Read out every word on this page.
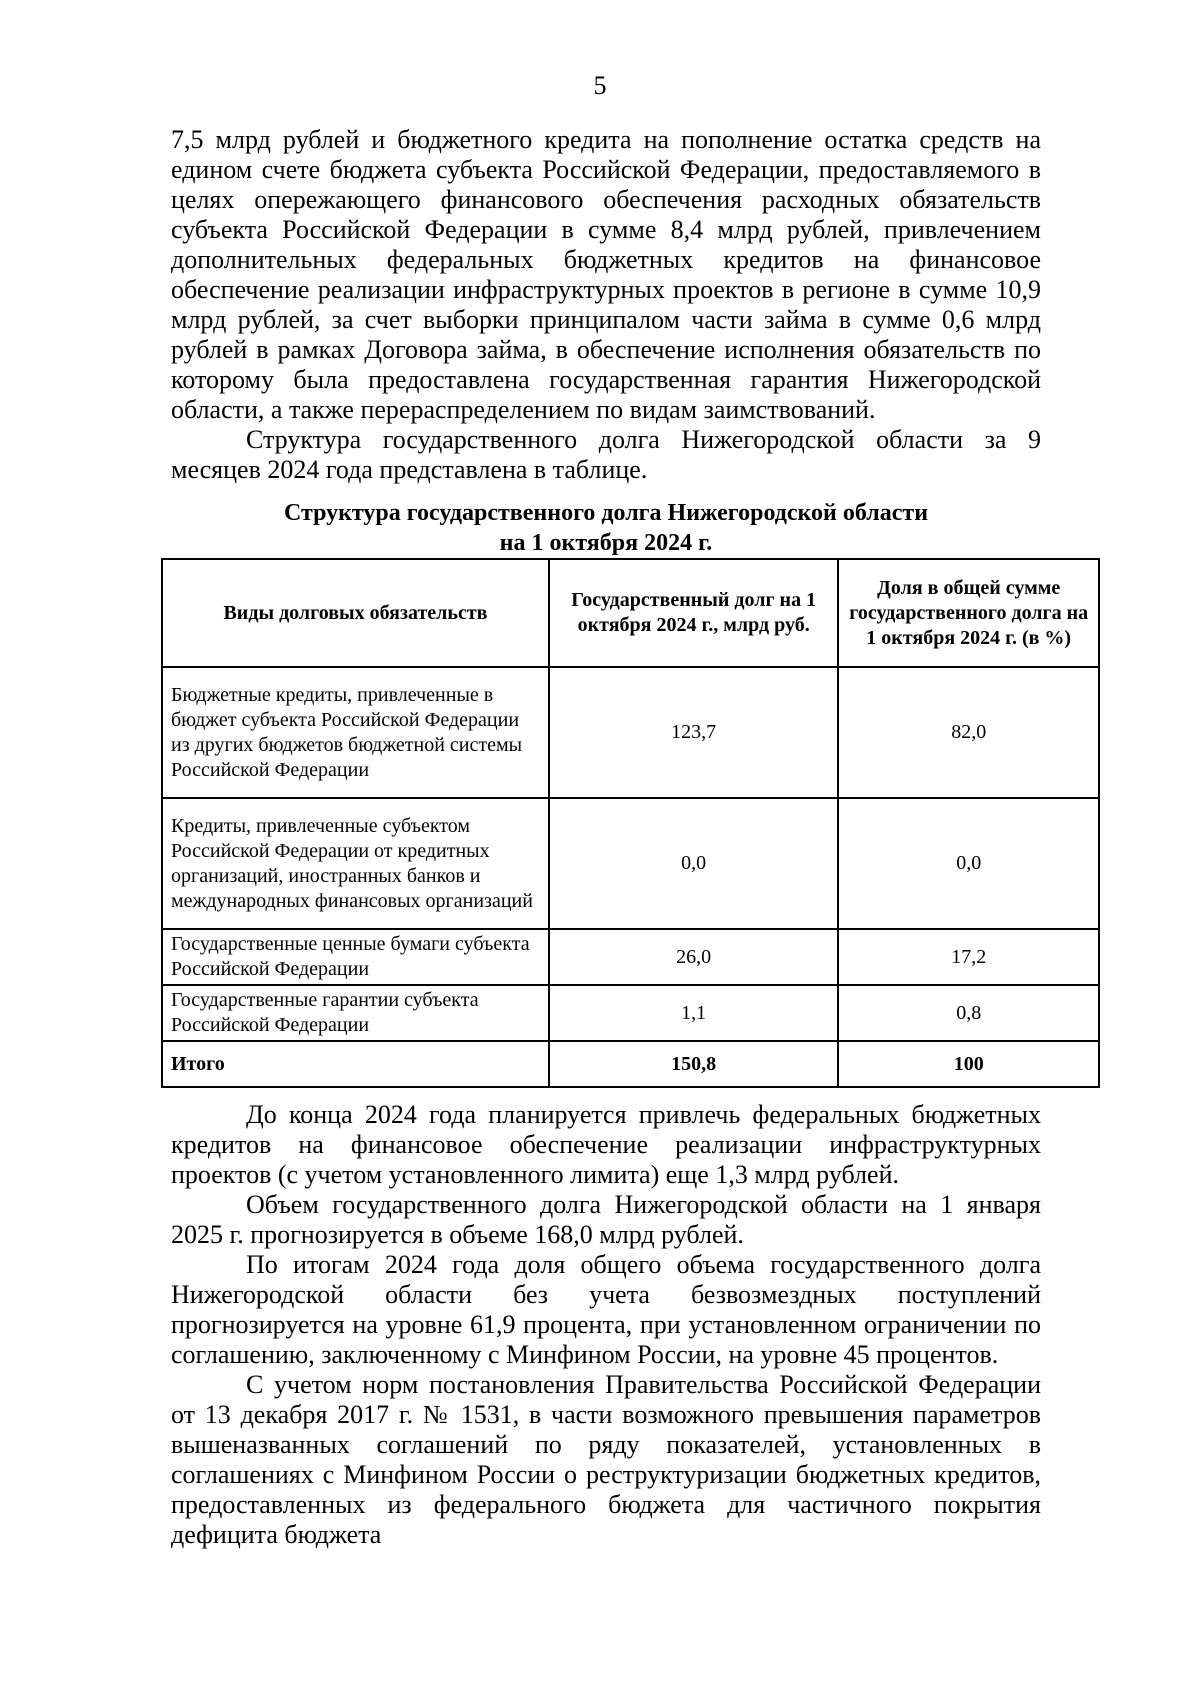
5

7,5 млрд рублей и бюджетного кредита на пополнение остатка средств на едином счете бюджета субъекта Российской Федерации, предоставляемого в целях опережающего финансового обеспечения расходных обязательств субъекта Российской Федерации в сумме 8,4 млрд рублей, привлечением дополнительных федеральных бюджетных кредитов на финансовое обеспечение реализации инфраструктурных проектов в регионе в сумме 10,9 млрд рублей, за счет выборки принципалом части займа в сумме 0,6 млрд рублей в рамках Договора займа, в обеспечение исполнения обязательств по которому была предоставлена государственная гарантия Нижегородской области, а также перераспределением по видам заимствований.

Структура государственного долга Нижегородской области за 9 месяцев 2024 года представлена в таблице.

Структура государственного долга Нижегородской области
на 1 октября 2024 г.
Виды долговых обязательств	Государственный долг на 1 октября 2024 г., млрд руб.	Доля в общей сумме государственного долга на 1 октября 2024 г. (в %)
Бюджетные кредиты, привлеченные в бюджет субъекта Российской Федерации из других бюджетов бюджетной системы Российской Федерации	123,7	82,0
Кредиты, привлеченные субъектом Российской Федерации от кредитных организаций, иностранных банков и международных финансовых организаций	0,0	0,0
Государственные ценные бумаги субъекта Российской Федерации	26,0	17,2
Государственные гарантии субъекта Российской Федерации	1,1	0,8
Итого	150,8	100

До конца 2024 года планируется привлечь федеральных бюджетных кредитов на финансовое обеспечение реализации инфраструктурных проектов (с учетом установленного лимита) еще 1,3 млрд рублей.

Объем государственного долга Нижегородской области на 1 января 2025 г. прогнозируется в объеме 168,0 млрд рублей.

По итогам 2024 года доля общего объема государственного долга Нижегородской области без учета безвозмездных поступлений прогнозируется на уровне 61,9 процента, при установленном ограничении по соглашению, заключенному с Минфином России, на уровне 45 процентов.

С учетом норм постановления Правительства Российской Федерации от 13 декабря 2017 г. № 1531, в части возможного превышения параметров вышеназванных соглашений по ряду показателей, установленных в соглашениях с Минфином России о реструктуризации бюджетных кредитов, предоставленных из федерального бюджета для частичного покрытия дефицита бюджета
